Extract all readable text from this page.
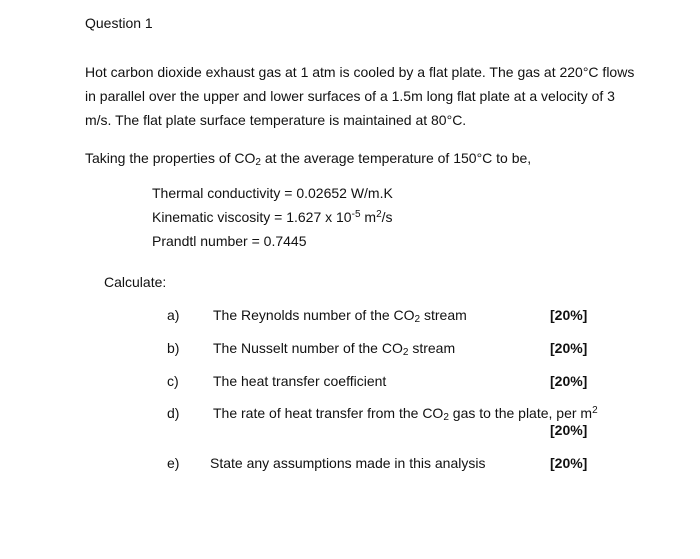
Question 1
Hot carbon dioxide exhaust gas at 1 atm is cooled by a flat plate. The gas at 220°C flows in parallel over the upper and lower surfaces of a 1.5m long flat plate at a velocity of 3 m/s. The flat plate surface temperature is maintained at 80°C.
Taking the properties of $CO_2$ at the average temperature of 150°C to be,
Thermal conductivity = 0.02652 W/m.K
Kinematic viscosity = 1.627 x $10^{-5}$ $m^2/s$
Prandtl number = 0.7445
Calculate:
a) The Reynolds number of the $CO_2$ stream	[20%]
b) The Nusselt number of the $CO_2$ stream	[20%]
c) The heat transfer coefficient	[20%]
d) The rate of heat transfer from the $CO_2$ gas to the plate, per $m^2$
[20%]
e) State any assumptions made in this analysis	[20%]
